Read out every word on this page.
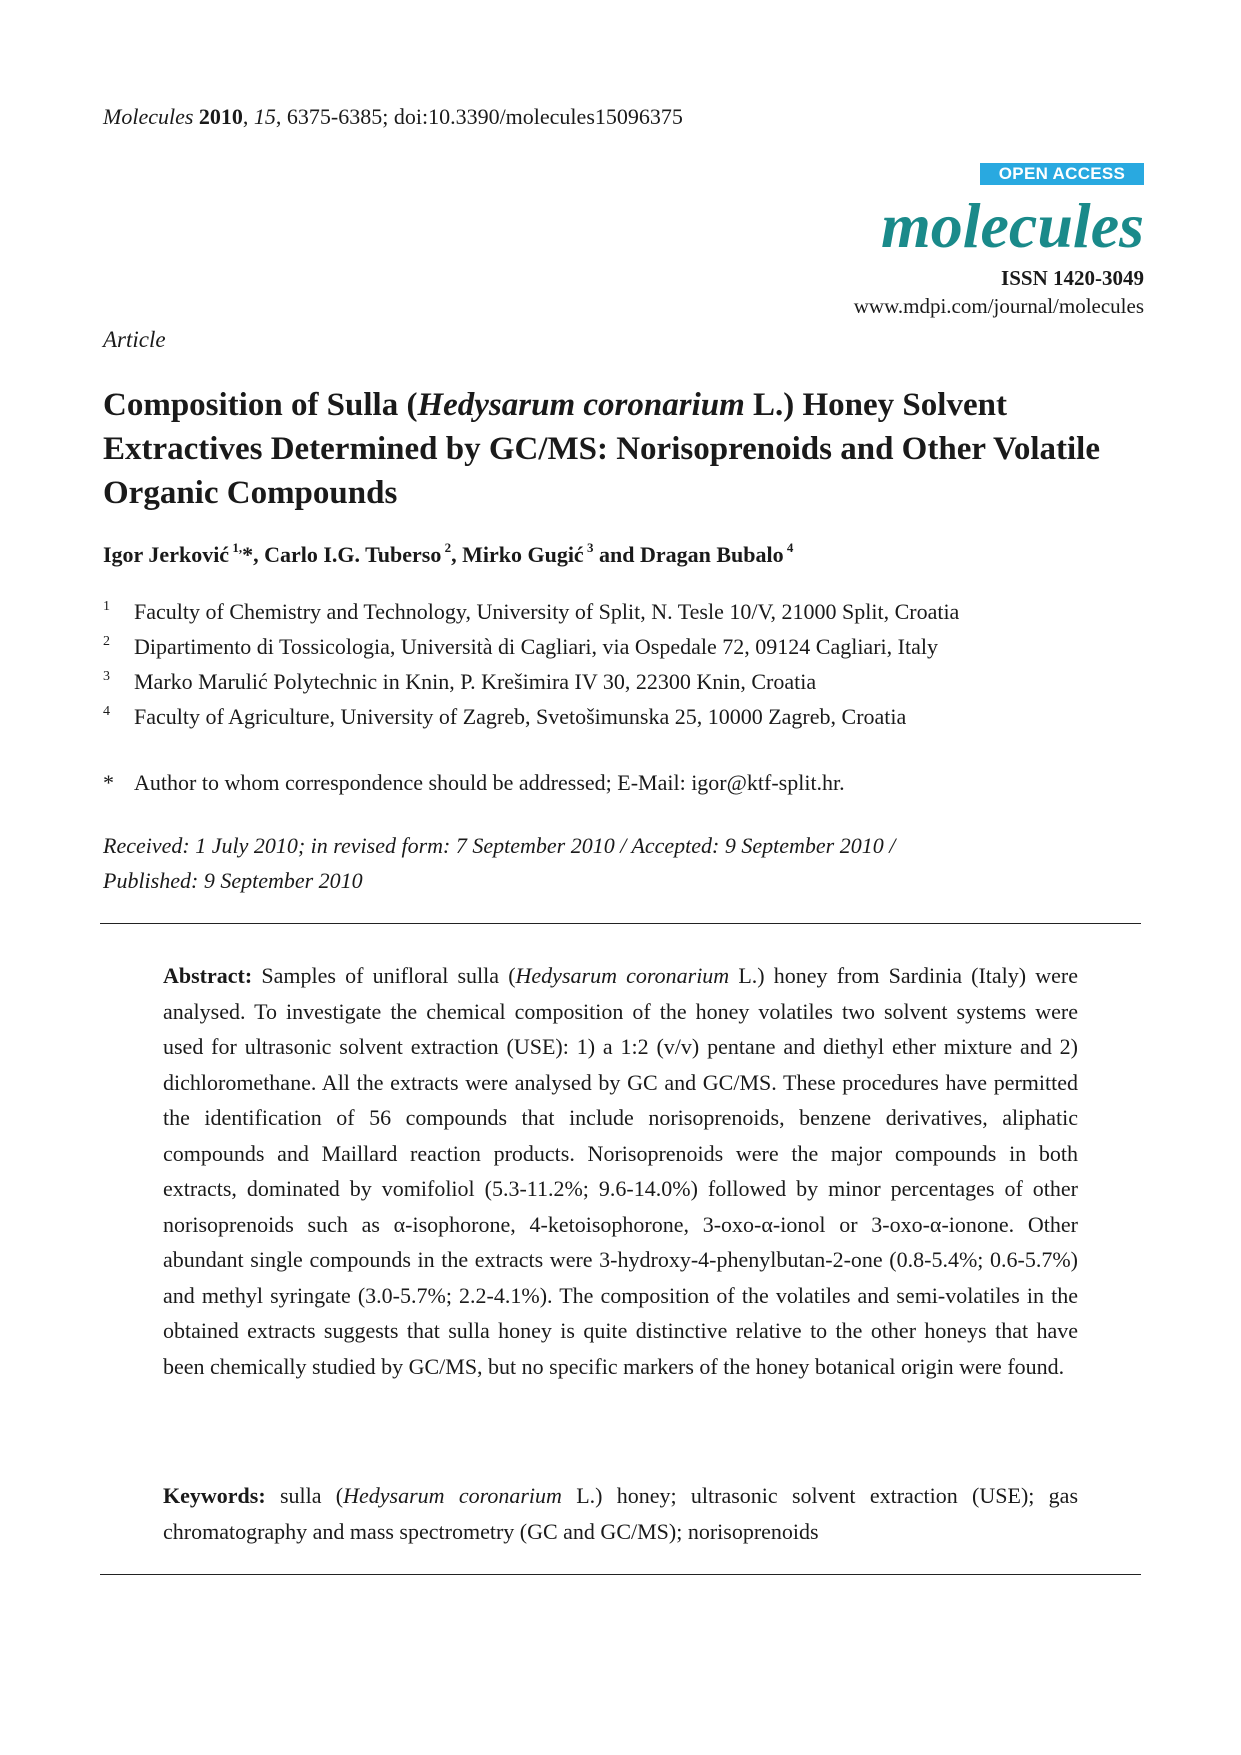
Molecules 2010, 15, 6375-6385; doi:10.3390/molecules15096375
OPEN ACCESS
molecules
ISSN 1420-3049
www.mdpi.com/journal/molecules
Article
Composition of Sulla (Hedysarum coronarium L.) Honey Solvent Extractives Determined by GC/MS: Norisoprenoids and Other Volatile Organic Compounds
Igor Jerković $^{1,}$*, Carlo I.G. Tuberso $^2$, Mirko Gugić $^3$ and Dragan Bubalo $^4$
1 Faculty of Chemistry and Technology, University of Split, N. Tesle 10/V, 21000 Split, Croatia
2 Dipartimento di Tossicologia, Università di Cagliari, via Ospedale 72, 09124 Cagliari, Italy
3 Marko Marulić Polytechnic in Knin, P. Krešimira IV 30, 22300 Knin, Croatia
4 Faculty of Agriculture, University of Zagreb, Svetošimunska 25, 10000 Zagreb, Croatia
* Author to whom correspondence should be addressed; E-Mail: igor@ktf-split.hr.
Received: 1 July 2010; in revised form: 7 September 2010 / Accepted: 9 September 2010 /
Published: 9 September 2010
Abstract: Samples of unifloral sulla (Hedysarum coronarium L.) honey from Sardinia (Italy) were analysed. To investigate the chemical composition of the honey volatiles two solvent systems were used for ultrasonic solvent extraction (USE): 1) a 1:2 (v/v) pentane and diethyl ether mixture and 2) dichloromethane. All the extracts were analysed by GC and GC/MS. These procedures have permitted the identification of 56 compounds that include norisoprenoids, benzene derivatives, aliphatic compounds and Maillard reaction products. Norisoprenoids were the major compounds in both extracts, dominated by vomifoliol (5.3-11.2%; 9.6-14.0%) followed by minor percentages of other norisoprenoids such as α-isophorone, 4-ketoisophorone, 3-oxo-α-ionol or 3-oxo-α-ionone. Other abundant single compounds in the extracts were 3-hydroxy-4-phenylbutan-2-one (0.8-5.4%; 0.6-5.7%) and methyl syringate (3.0-5.7%; 2.2-4.1%). The composition of the volatiles and semi-volatiles in the obtained extracts suggests that sulla honey is quite distinctive relative to the other honeys that have been chemically studied by GC/MS, but no specific markers of the honey botanical origin were found.
Keywords: sulla (Hedysarum coronarium L.) honey; ultrasonic solvent extraction (USE); gas chromatography and mass spectrometry (GC and GC/MS); norisoprenoids
